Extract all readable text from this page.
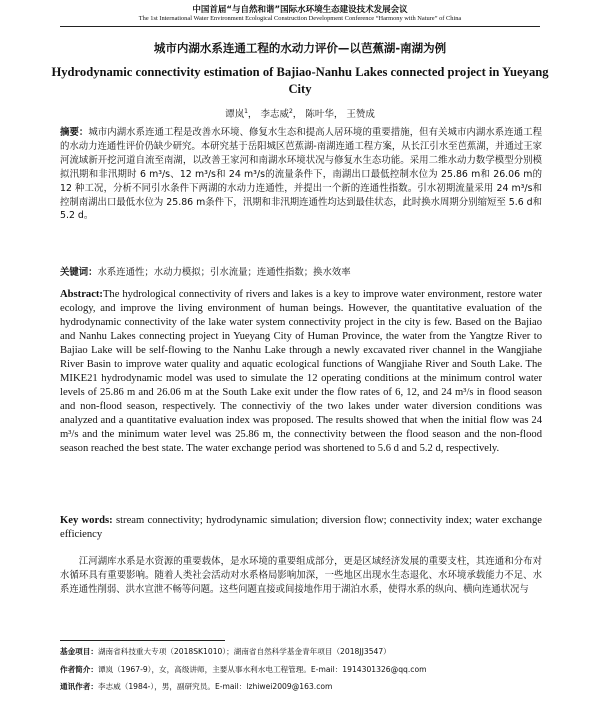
中国首届“与自然和谐”国际水环境生态建设技术发展会议
The 1st International Water Environment Ecological Construction Development Conference “Harmony with Nature” of China
城市内湖水系连通工程的水动力评价—以芭蕉湖-南湖为例
Hydrodynamic connectivity estimation of Bajiao-Nanhu Lakes connected project in Yueyang City
谭岚$^1$， 李志威$^2$， 陈叶华， 王赞成
摘要：城市内湖水系连通工程是改善水环境、修复水生态和提高人居环境的重要措施，但有关城市内湖水系连通工程的水动力连通性评价仍缺少研究。本研究基于岳阳城区芭蕉湖-南湖连通工程方案，从长江引水至芭蕉湖，并通过王家河流域新开挖河道自流至南湖，以改善王家河和南湖水环境状况与修复水生态功能。采用二维水动力数学模型分别模拟汛期和非汛期时 6 m³/s、12 m³/s和 24 m³/s的流量条件下，南湖出口最低控制水位为 25.86 m和 26.06 m的 12 种工况，分析不同引水条件下两湖的水动力连通性，并提出一个新的连通性指数。引水初期流量采用 24 m³/s和控制南湖出口最低水位为 25.86 m条件下，汛期和非汛期连通性均达到最佳状态，此时换水周期分别缩短至 5.6 d和 5.2 d。
关键词：水系连通性；水动力模拟；引水流量；连通性指数；换水效率
Abstract:The hydrological connectivity of rivers and lakes is a key to improve water environment, restore water ecology, and improve the living environment of human beings. However, the quantitative evaluation of the hydrodynamic connectivity of the lake water system connectivity project in the city is few. Based on the Bajiao and Nanhu Lakes connecting project in Yueyang City of Human Province, the water from the Yangtze River to Bajiao Lake will be self-flowing to the Nanhu Lake through a newly excavated river channel in the Wangjiahe River Basin to improve water quality and aquatic ecological functions of Wangjiahe River and South Lake. The MIKE21 hydrodynamic model was used to simulate the 12 operating conditions at the minimum control water levels of 25.86 m and 26.06 m at the South Lake exit under the flow rates of 6, 12, and 24 m³/s in flood season and non-flood season, respectively. The connectiviy of the two lakes under water diversion conditions was analyzed and a quantitative evaluation index was proposed. The results showed that when the initial flow was 24 m³/s and the minimum water level was 25.86 m, the connectivity between the flood season and the non-flood season reached the best state. The water exchange period was shortened to 5.6 d and 5.2 d, respectively.
Key words: stream connectivity; hydrodynamic simulation; diversion flow; connectivity index; water exchange efficiency
江河湖库水系是水资源的重要载体，是水环境的重要组成部分，更是区域经济发展的重要支柱，其连通和分布对水循环具有重要影响。随着人类社会活动对水系格局影响加深，一些地区出现水生态退化、水环境承载能力不足、水系连通性削弱、洪水宣泄不畅等问题。这些问题直接或间接地作用于湖泊水系，使得水系的纵向、横向连通状况与
基金项目：湖南省科技重大专项（2018SK1010）；湖南省自然科学基金青年项目（2018JJ3547）
作者简介：谭岚（1967-9），女，高级讲师，主要从事水利水电工程管理。E-mail：1914301326@qq.com
通讯作者：李志威（1984-），男，副研究员。E-mail：lzhiwei2009@163.com
